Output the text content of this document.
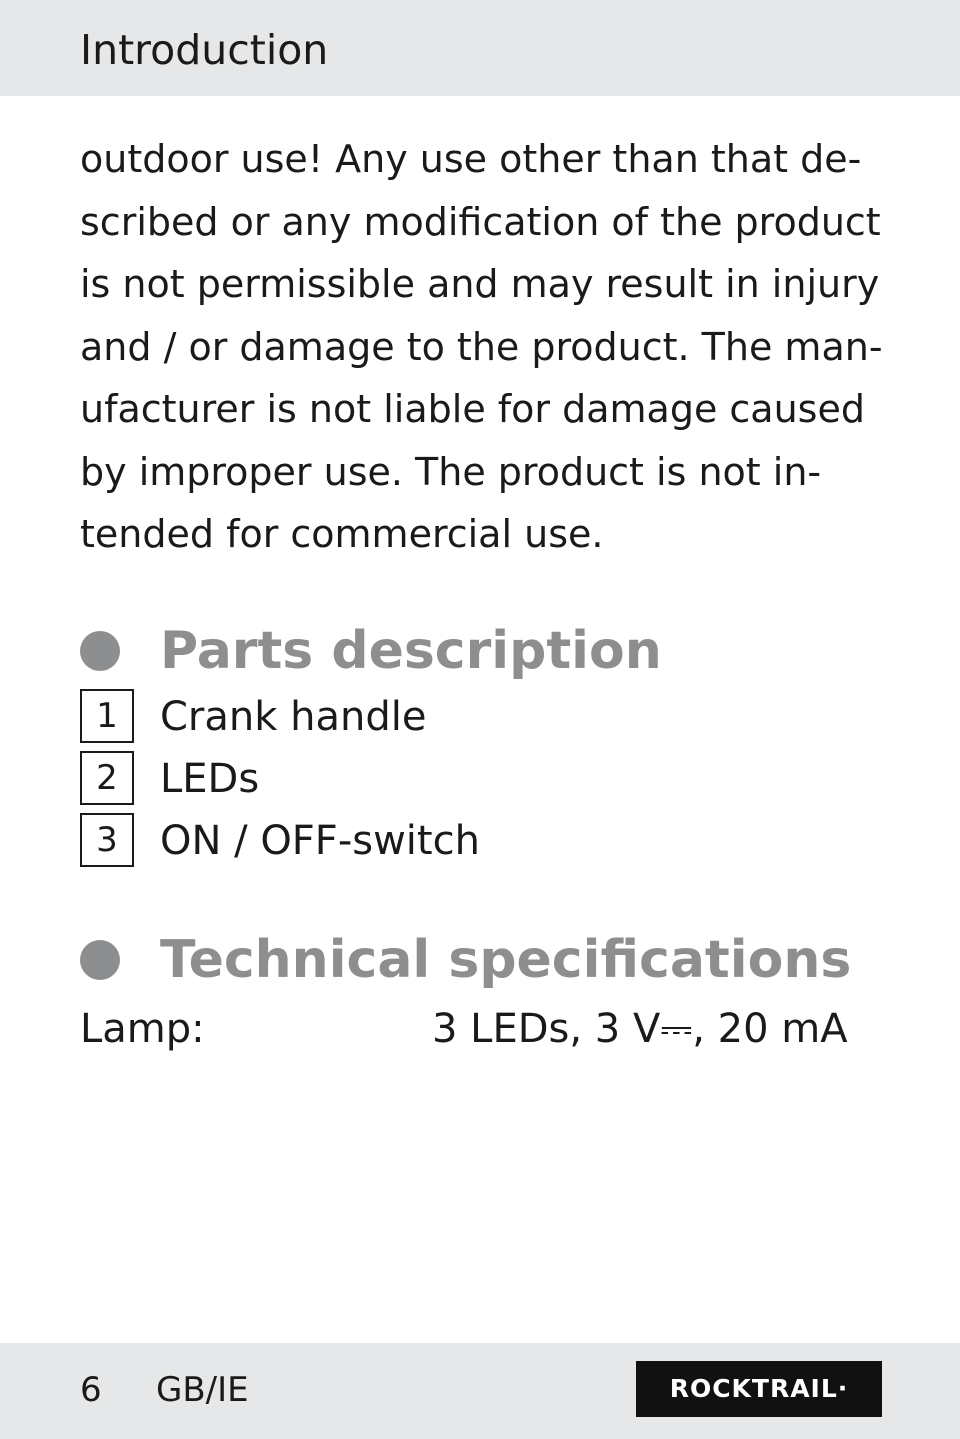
Introduction
outdoor use! Any use other than that de-
scribed or any modification of the product
is not permissible and may result in injury
and / or damage to the product. The man-
ufacturer is not liable for damage caused
by improper use. The product is not in-
tended for commercial use.
Parts description
1	Crank handle
2	LEDs
3	ON / OFF-switch
Technical specifications
Lamp:	3 LEDs, 3 V⎓, 20 mA
6 GB/IE	ROCKTRAIL·
